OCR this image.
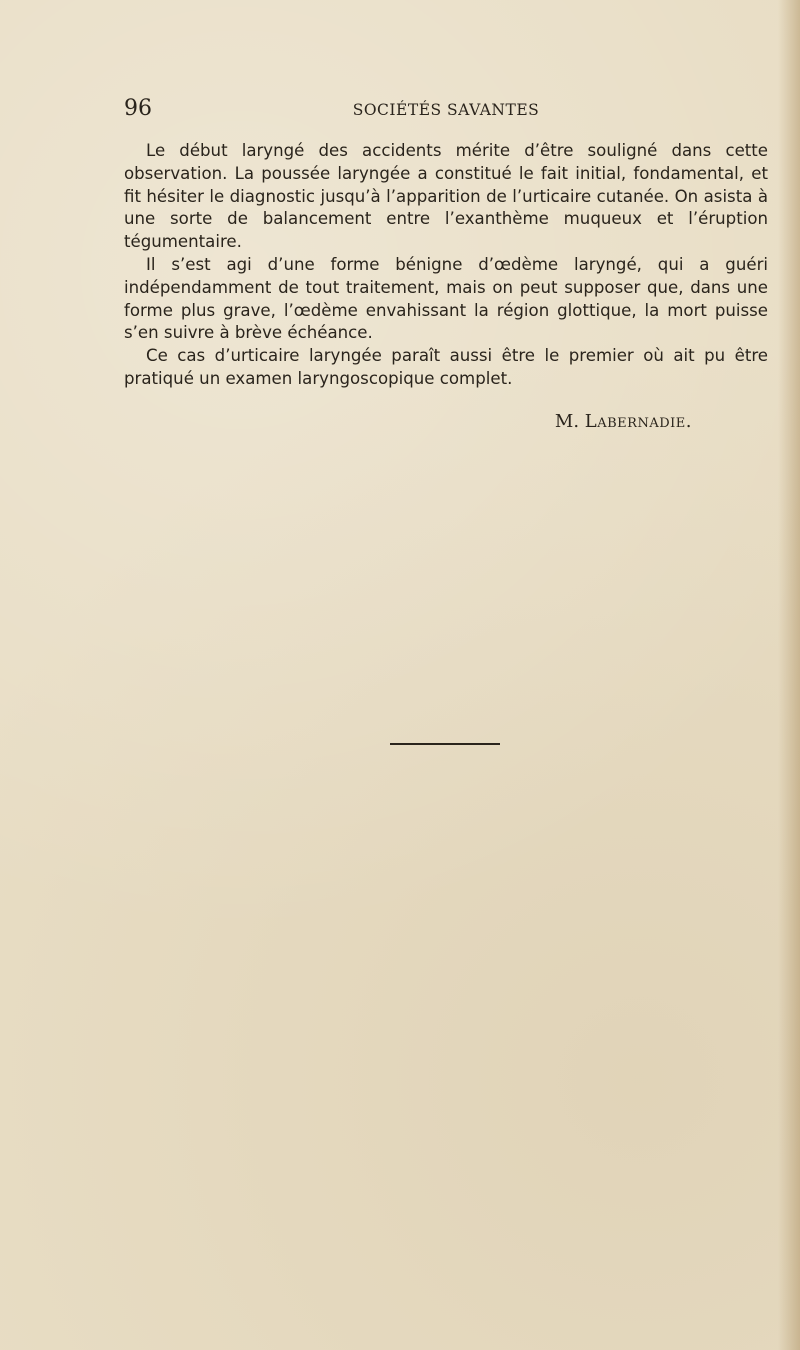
96	SOCIÉTÉS SAVANTES

Le début laryngé des accidents mérite d’être souligné dans cette observation. La poussée laryngée a constitué le fait initial, fondamental, et fit hésiter le diagnostic jusqu’à l’apparition de l’urticaire cutanée. On asista à une sorte de balancement entre l’exanthème muqueux et l’éruption tégumentaire.

Il s’est agi d’une forme bénigne d’œdème laryngé, qui a guéri indépendamment de tout traitement, mais on peut supposer que, dans une forme plus grave, l’œdème envahissant la région glottique, la mort puisse s’en suivre à brève échéance.

Ce cas d’urticaire laryngée paraît aussi être le premier où ait pu être pratiqué un examen laryngoscopique complet.

M. Labernadie.
